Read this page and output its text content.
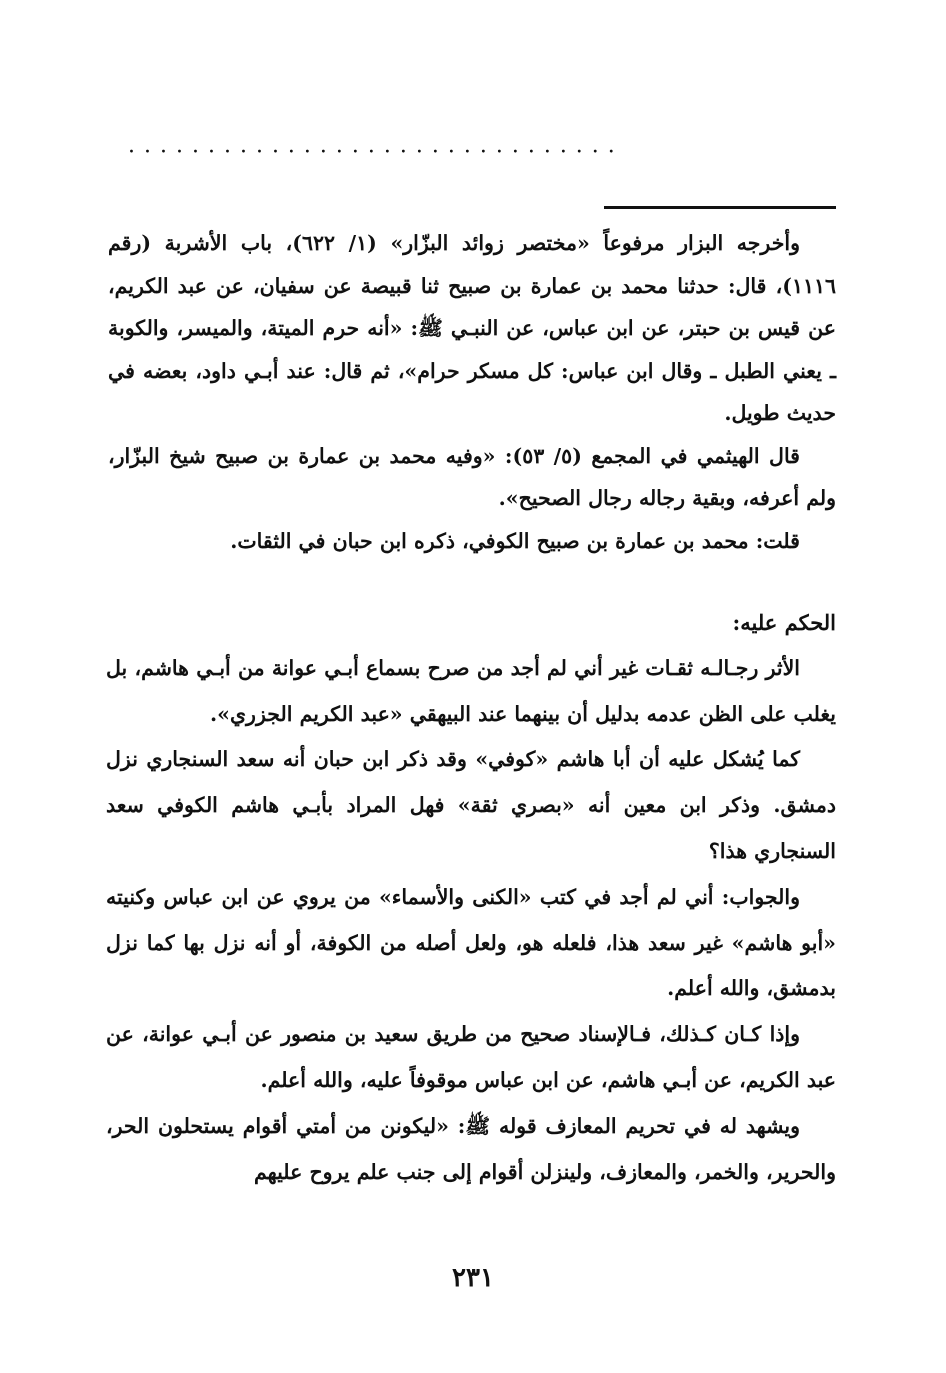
·······························

وأخرجه البزار مرفوعاً «مختصر زوائد البزّار» (١/ ٦٢٢)، باب الأشربة (رقم ١١١٦)، قال: حدثنا محمد بن عمارة بن صبيح ثنا قبيصة عن سفيان، عن عبد الكريم، عن قيس بن حبتر، عن ابن عباس، عن النبـي ﷺ: «أنه حرم الميتة، والميسر، والكوبة ـ يعني الطبل ـ وقال ابن عباس: كل مسكر حرام»، ثم قال: عند أبـي داود، بعضه في حديث طويل.

قال الهيثمي في المجمع (٥/ ٥٣): «وفيه محمد بن عمارة بن صبيح شيخ البزّار، ولم أعرفه، وبقية رجاله رجال الصحيح».

قلت: محمد بن عمارة بن صبيح الكوفي، ذكره ابن حبان في الثقات.

الحكم عليه:

الأثر رجـالـه ثقـات غير أني لم أجد من صرح بسماع أبـي عوانة من أبـي هاشم، بل يغلب على الظن عدمه بدليل أن بينهما عند البيهقي «عبد الكريم الجزري».

كما يُشكل عليه أن أبا هاشم «كوفي» وقد ذكر ابن حبان أنه سعد السنجاري نزل دمشق. وذكر ابن معين أنه «بصري ثقة» فهل المراد بأبـي هاشم الكوفي سعد السنجاري هذا؟

والجواب: أني لم أجد في كتب «الكنى والأسماء» من يروي عن ابن عباس وكنيته «أبو هاشم» غير سعد هذا، فلعله هو، ولعل أصله من الكوفة، أو أنه نزل بها كما نزل بدمشق، والله أعلم.

وإذا كـان كـذلك، فـالإسناد صحيح من طريق سعيد بن منصور عن أبـي عوانة، عن عبد الكريم، عن أبـي هاشم، عن ابن عباس موقوفاً عليه، والله أعلم.

ويشهد له في تحريم المعازف قوله ﷺ: «ليكونن من أمتي أقوام يستحلون الحر، والحرير، والخمر، والمعازف، ولينزلن أقوام إلى جنب علم يروح عليهم

٢٣١
